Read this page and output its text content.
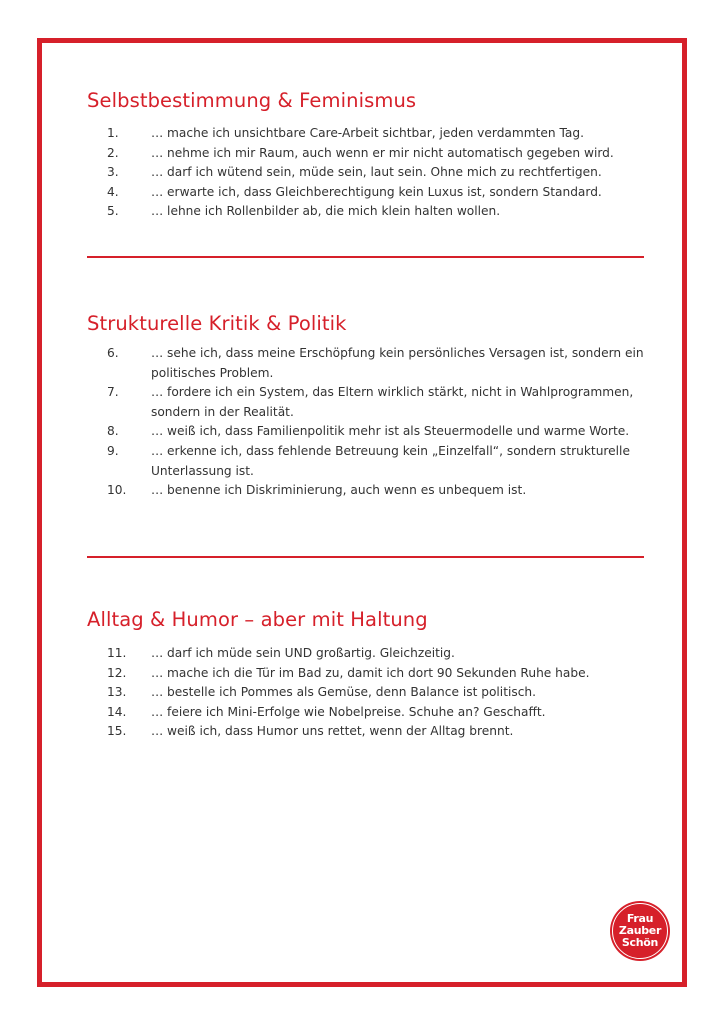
Selbstbestimmung & Feminismus
1.	… mache ich unsichtbare Care-Arbeit sichtbar, jeden verdammten Tag.
2.	… nehme ich mir Raum, auch wenn er mir nicht automatisch gegeben wird.
3.	… darf ich wütend sein, müde sein, laut sein. Ohne mich zu rechtfertigen.
4.	… erwarte ich, dass Gleichberechtigung kein Luxus ist, sondern Standard.
5.	… lehne ich Rollenbilder ab, die mich klein halten wollen.
Strukturelle Kritik & Politik
6.	… sehe ich, dass meine Erschöpfung kein persönliches Versagen ist, sondern ein politisches Problem.
7.	… fordere ich ein System, das Eltern wirklich stärkt, nicht in Wahlprogrammen, sondern in der Realität.
8.	… weiß ich, dass Familienpolitik mehr ist als Steuermodelle und warme Worte.
9.	… erkenne ich, dass fehlende Betreuung kein „Einzelfall“, sondern strukturelle Unterlassung ist.
10.	… benenne ich Diskriminierung, auch wenn es unbequem ist.
Alltag & Humor – aber mit Haltung
11.	… darf ich müde sein UND großartig. Gleichzeitig.
12.	… mache ich die Tür im Bad zu, damit ich dort 90 Sekunden Ruhe habe.
13.	… bestelle ich Pommes als Gemüse, denn Balance ist politisch.
14.	… feiere ich Mini-Erfolge wie Nobelpreise. Schuhe an? Geschafft.
15.	… weiß ich, dass Humor uns rettet, wenn der Alltag brennt.
Frau
Zauber
Schön
